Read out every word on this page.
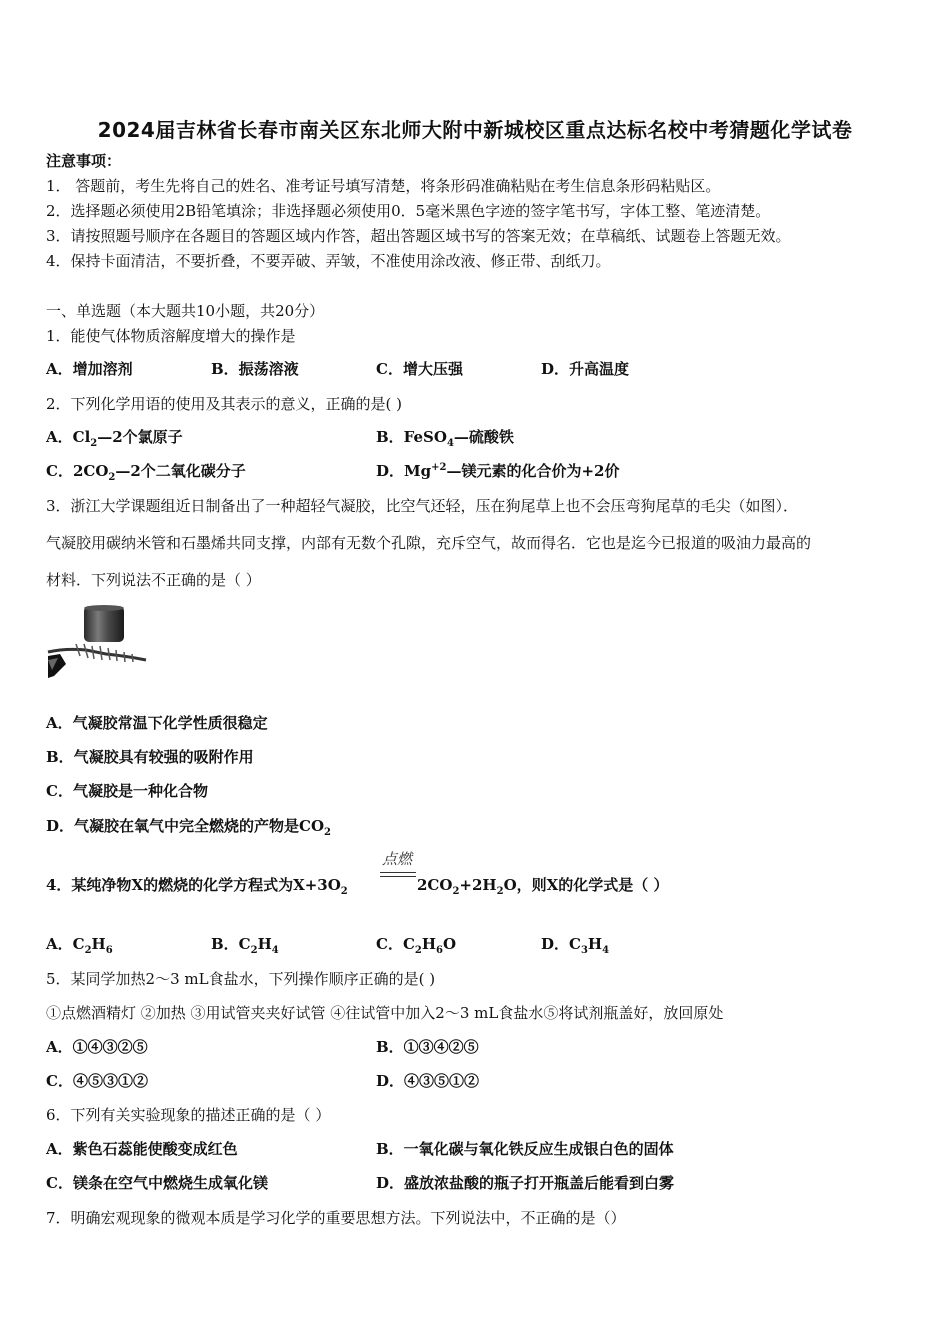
2024届吉林省长春市南关区东北师大附中新城校区重点达标名校中考猜题化学试卷
注意事项：
1． 答题前，考生先将自己的姓名、准考证号填写清楚，将条形码准确粘贴在考生信息条形码粘贴区。
2．选择题必须使用2B铅笔填涂；非选择题必须使用0．5毫米黑色字迹的签字笔书写，字体工整、笔迹清楚。
3．请按照题号顺序在各题目的答题区域内作答，超出答题区域书写的答案无效；在草稿纸、试题卷上答题无效。
4．保持卡面清洁，不要折叠，不要弄破、弄皱，不准使用涂改液、修正带、刮纸刀。
一、单选题（本大题共10小题，共20分）
1．能使气体物质溶解度增大的操作是
A．增加溶剂	B．振荡溶液	C．增大压强	D．升高温度
2．下列化学用语的使用及其表示的意义，正确的是( )
A．$Cl_2—2$个氯原子	B．FeSO$_4$—硫酸铁
C．$2CO_2—2$个二氧化碳分子	D．$Mg^{+2}—$镁元素的化合价为+2价
3．浙江大学课题组近日制备出了一种超轻气凝胶，比空气还轻，压在狗尾草上也不会压弯狗尾草的毛尖（如图）．
气凝胶用碳纳米管和石墨烯共同支撑，内部有无数个孔隙，充斥空气，故而得名．它也是迄今已报道的吸油力最高的
材料．下列说法不正确的是（ ）
A．气凝胶常温下化学性质很稳定
B．气凝胶具有较强的吸附作用
C．气凝胶是一种化合物
D．气凝胶在氧气中完全燃烧的产物是$CO_2$
点燃
4．某纯净物X的燃烧的化学方程式为$X+3O_2$	$2CO_2+2H_2O$，则X的化学式是（ ）
A．$C_2H_6$	B．$C_2H_4$	C．$C_2H_6O$	D．$C_3H_4$
5．某同学加热2～3 mL食盐水，下列操作顺序正确的是( )
①点燃酒精灯 ②加热 ③用试管夹夹好试管 ④往试管中加入2～3 mL食盐水⑤将试剂瓶盖好，放回原处
A．①④③②⑤	B．①③④②⑤
C．④⑤③①②	D．④③⑤①②
6．下列有关实验现象的描述正确的是（ ）
A．紫色石蕊能使酸变成红色	B．一氧化碳与氧化铁反应生成银白色的固体
C．镁条在空气中燃烧生成氧化镁	D．盛放浓盐酸的瓶子打开瓶盖后能看到白雾
7．明确宏观现象的微观本质是学习化学的重要思想方法。下列说法中，不正确的是（）
